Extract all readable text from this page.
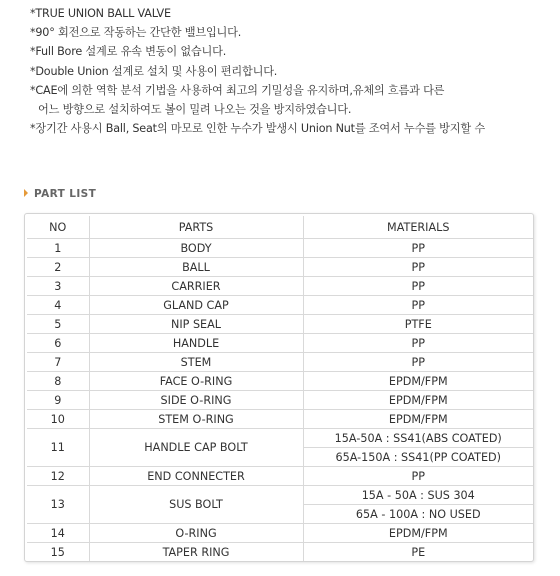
*TRUE UNION BALL VALVE
*90° 회전으로 작동하는 간단한 밸브입니다.
*Full Bore 설계로 유속 변동이 없습니다.
*Double Union 설계로 설치 및 사용이 편리합니다.
*CAE에 의한 역학 분석 기법을 사용하여 최고의 기밀성을 유지하며,유체의 흐름과 다른
어느 방향으로 설치하여도 볼이 밀려 나오는 것을 방지하였습니다.
*장기간 사용시 Ball, Seat의 마모로 인한 누수가 발생시 Union Nut를 조여서 누수를 방지할 수
PART LIST
NO	PARTS	MATERIALS
1	BODY	PP
2	BALL	PP
3	CARRIER	PP
4	GLAND CAP	PP
5	NIP SEAL	PTFE
6	HANDLE	PP
7	STEM	PP
8	FACE O-RING	EPDM/FPM
9	SIDE O-RING	EPDM/FPM
10	STEM O-RING	EPDM/FPM
11	HANDLE CAP BOLT	15A-50A : SS41(ABS COATED)
		65A-150A : SS41(PP COATED)
12	END CONNECTER	PP
13	SUS BOLT	15A - 50A : SUS 304
		65A - 100A : NO USED
14	O-RING	EPDM/FPM
15	TAPER RING	PE
